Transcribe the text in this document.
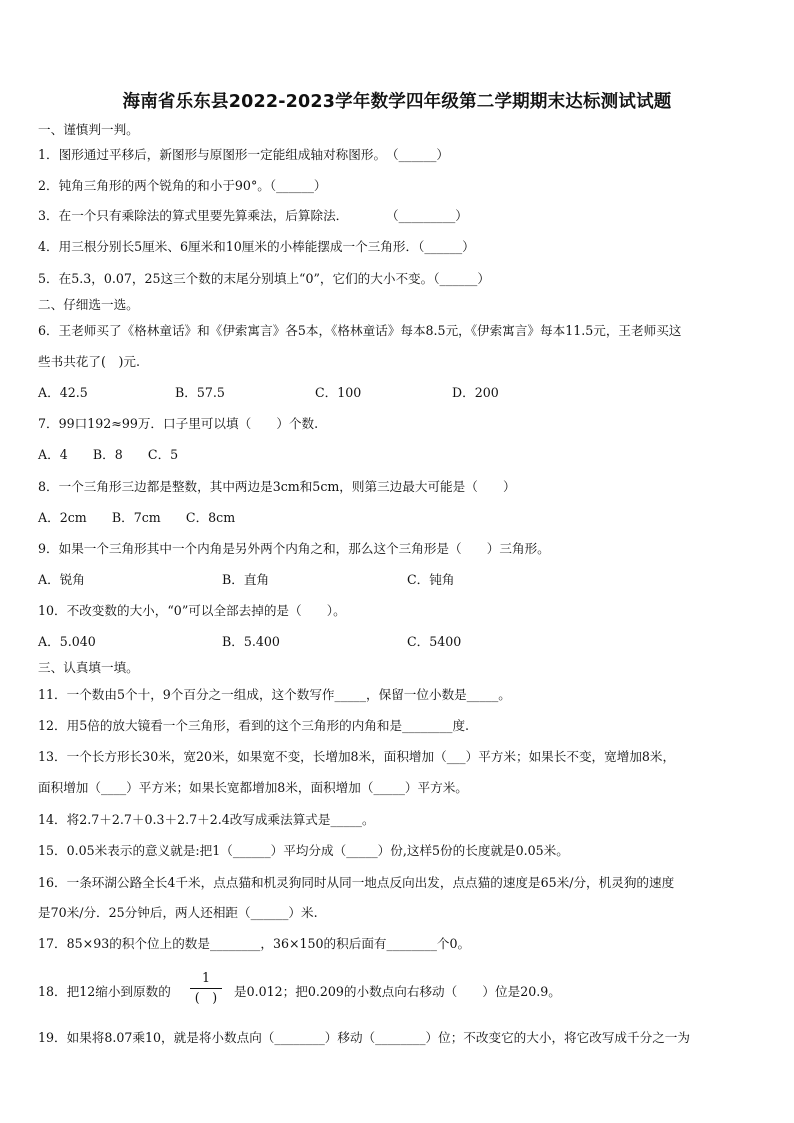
海南省乐东县2022-2023学年数学四年级第二学期期末达标测试试题
一、谨慎判一判。
1．图形通过平移后，新图形与原图形一定能组成轴对称图形。　（______）
2．钝角三角形的两个锐角的和小于90°。（______）
3．在一个只有乘除法的算式里要先算乘法，后算除法．　　　　（_________）
4．用三根分别长5厘米、6厘米和10厘米的小棒能摆成一个三角形．（______）
5．在5.3，0.07，25这三个数的末尾分别填上“0”，它们的大小不变。（______）
二、仔细选一选。
6．王老师买了《格林童话》和《伊索寓言》各5本，《格林童话》每本8.5元，《伊索寓言》每本11.5元，王老师买这
些书共花了(　)元.
A．42.5	B．57.5	C．100	D．200
7．99口192≈99万．口子里可以填（　　）个数.
A．4　　B．8　　C．5
8．一个三角形三边都是整数，其中两边是3cm和5cm，则第三边最大可能是（　　）
A．2cm　　B．7cm　　C．8cm
9．如果一个三角形其中一个内角是另外两个内角之和，那么这个三角形是（　　）三角形。
A．锐角	B．直角	C．钝角
10．不改变数的大小，“0”可以全部去掉的是（　　）。
A．5.040	B．5.400	C．5400
三、认真填一填。
11．一个数由5个十，9个百分之一组成，这个数写作_____，保留一位小数是_____。
12．用5倍的放大镜看一个三角形，看到的这个三角形的内角和是________度.
13．一个长方形长30米，宽20米，如果宽不变，长增加8米，面积增加（___）平方米；如果长不变，宽增加8米，
面积增加（____）平方米；如果长宽都增加8米，面积增加（_____）平方米。
14．将2.7＋2.7＋0.3＋2.7＋2.4改写成乘法算式是_____。
15．0.05米表示的意义就是:把1（______）平均分成（_____）份,这样5份的长度就是0.05米。
16．一条环湖公路全长4千米，点点猫和机灵狗同时从同一地点反向出发，点点猫的速度是65米/分，机灵狗的速度
是70米/分．25分钟后，两人还相距（______）米.
17．85×93的积个位上的数是________，36×150的积后面有________个0。
18．把12缩小到原数的
1
(　)	是0.012；把0.209的小数点向右移动（　　）位是20.9。
19．如果将8.07乘10，就是将小数点向（________）移动（________）位；不改变它的大小，将它改写成千分之一为
